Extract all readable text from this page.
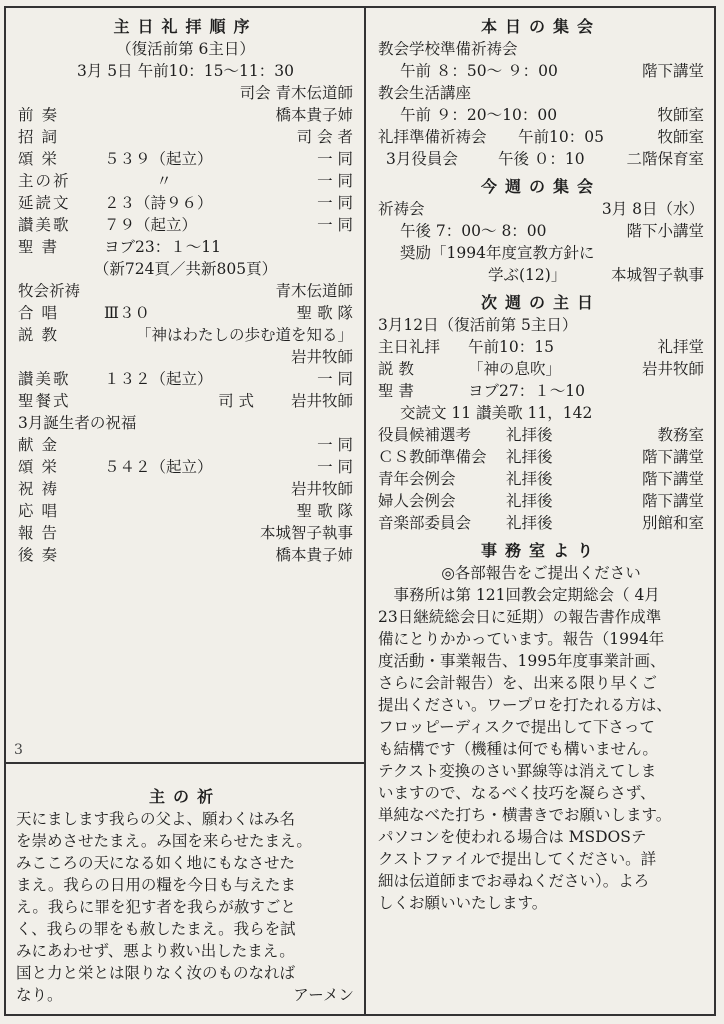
3
主日礼拝順序
（復活前第 6主日）
3月 5日 午前10：15〜11：30
司会 青木伝道師
前奏	橋本貴子姉
招詞	司 会 者
頌栄	５３９（起立）	一 同
主の祈	〃	一 同
延読文	２３（詩９６）	一 同
讃美歌	７９（起立）	一 同
聖書	ヨブ23：１〜11
（新724頁／共新805頁）
牧会祈祷	青木伝道師
合唱	Ⅲ３０	聖 歌 隊
説教	「神はわたしの歩む道を知る」
岩井牧師
讃美歌	１３２（起立）	一 同
聖餐式	司 式	岩井牧師
3月誕生者の祝福
献金	一 同
頌栄	５４２（起立）	一 同
祝祷	岩井牧師
応唱	聖 歌 隊
報告	本城智子執事
後奏	橋本貴子姉
主の祈
天にまします我らの父よ、願わくはみ名
を崇めさせたまえ。み国を来らせたまえ。
みこころの天になる如く地にもなさせた
まえ。我らの日用の糧を今日も与えたま
え。我らに罪を犯す者を我らが赦すごと
く、我らの罪をも赦したまえ。我らを試
みにあわせず、悪より救い出したまえ。
国と力と栄とは限りなく汝のものなれば
なり。	アーメン
本日の集会
教会学校準備祈祷会
午前 ８：50〜 ９：00	階下講堂
教会生活講座
午前 ９：20〜10：00	牧師室
礼拝準備祈祷会	午前10：05	牧師室
3月役員会	午後 ０：10	二階保育室
今週の集会
祈祷会	3月 8日（水）
午後 7：00〜 8：00	階下小講堂
奨励「1994年度宣教方針に
学ぶ(12)」	本城智子執事
次週の主日
3月12日（復活前第 5主日）
主日礼拝	午前10：15	礼拝堂
説 教	「神の息吹」	岩井牧師
聖 書	ヨブ27：１〜10
交読文 11 讃美歌 11，142
役員候補選考	礼拝後	教務室
ＣＳ教師準備会	礼拝後	階下講堂
青年会例会	礼拝後	階下講堂
婦人会例会	礼拝後	階下講堂
音楽部委員会	礼拝後	別館和室
事務室より
◎各部報告をご提出ください
　事務所は第 121回教会定期総会（ 4月
23日継続総会日に延期）の報告書作成準
備にとりかかっています。報告（1994年
度活動・事業報告、1995年度事業計画、
さらに会計報告）を、出来る限り早くご
提出ください。ワープロを打たれる方は、
フロッピーディスクで提出して下さって
も結構です（機種は何でも構いません。
テクスト変換のさい罫線等は消えてしま
いますので、なるべく技巧を凝らさず、
単純なべた打ち・横書きでお願いします。
パソコンを使われる場合は MSDOSテ
クストファイルで提出してください。詳
細は伝道師までお尋ねください）。よろ
しくお願いいたします。
